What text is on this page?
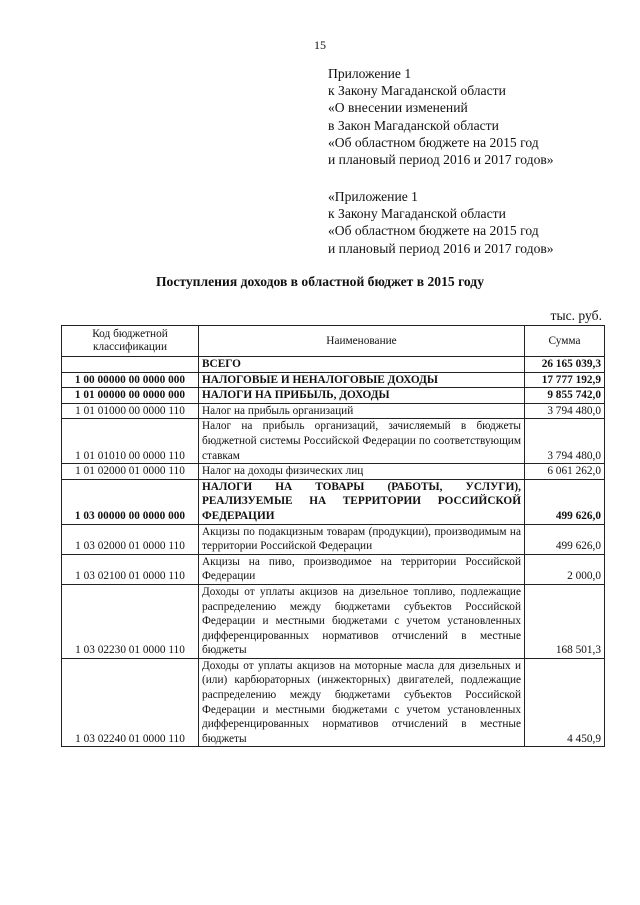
15
Приложение 1
к Закону Магаданской области
«О внесении изменений
в Закон Магаданской области
«Об областном бюджете на 2015 год
и плановый период 2016 и 2017 годов»
«Приложение 1
к Закону Магаданской области
«Об областном бюджете на 2015 год
и плановый период 2016 и 2017 годов»
Поступления доходов в областной бюджет в 2015 году
тыс. руб.
Код бюджетной классификации	Наименование	Сумма
	ВСЕГО	26 165 039,3
1 00 00000 00 0000 000	НАЛОГОВЫЕ И НЕНАЛОГОВЫЕ ДОХОДЫ	17 777 192,9
1 01 00000 00 0000 000	НАЛОГИ НА ПРИБЫЛЬ, ДОХОДЫ	9 855 742,0
1 01 01000 00 0000 110	Налог на прибыль организаций	3 794 480,0
1 01 01010 00 0000 110	Налог на прибыль организаций, зачисляемый в бюджеты бюджетной системы Российской Федерации по соответствующим ставкам	3 794 480,0
1 01 02000 01 0000 110	Налог на доходы физических лиц	6 061 262,0
1 03 00000 00 0000 000	НАЛОГИ НА ТОВАРЫ (РАБОТЫ, УСЛУГИ), РЕАЛИЗУЕМЫЕ НА ТЕРРИТОРИИ РОССИЙСКОЙ ФЕДЕРАЦИИ	499 626,0
1 03 02000 01 0000 110	Акцизы по подакцизным товарам (продукции), производимым на территории Российской Федерации	499 626,0
1 03 02100 01 0000 110	Акцизы на пиво, производимое на территории Российской Федерации	2 000,0
1 03 02230 01 0000 110	Доходы от уплаты акцизов на дизельное топливо, подлежащие распределению между бюджетами субъектов Российской Федерации и местными бюджетами с учетом установленных дифференцированных нормативов отчислений в местные бюджеты	168 501,3
1 03 02240 01 0000 110	Доходы от уплаты акцизов на моторные масла для дизельных и (или) карбюраторных (инжекторных) двигателей, подлежащие распределению между бюджетами субъектов Российской Федерации и местными бюджетами с учетом установленных дифференцированных нормативов отчислений в местные бюджеты	4 450,9
